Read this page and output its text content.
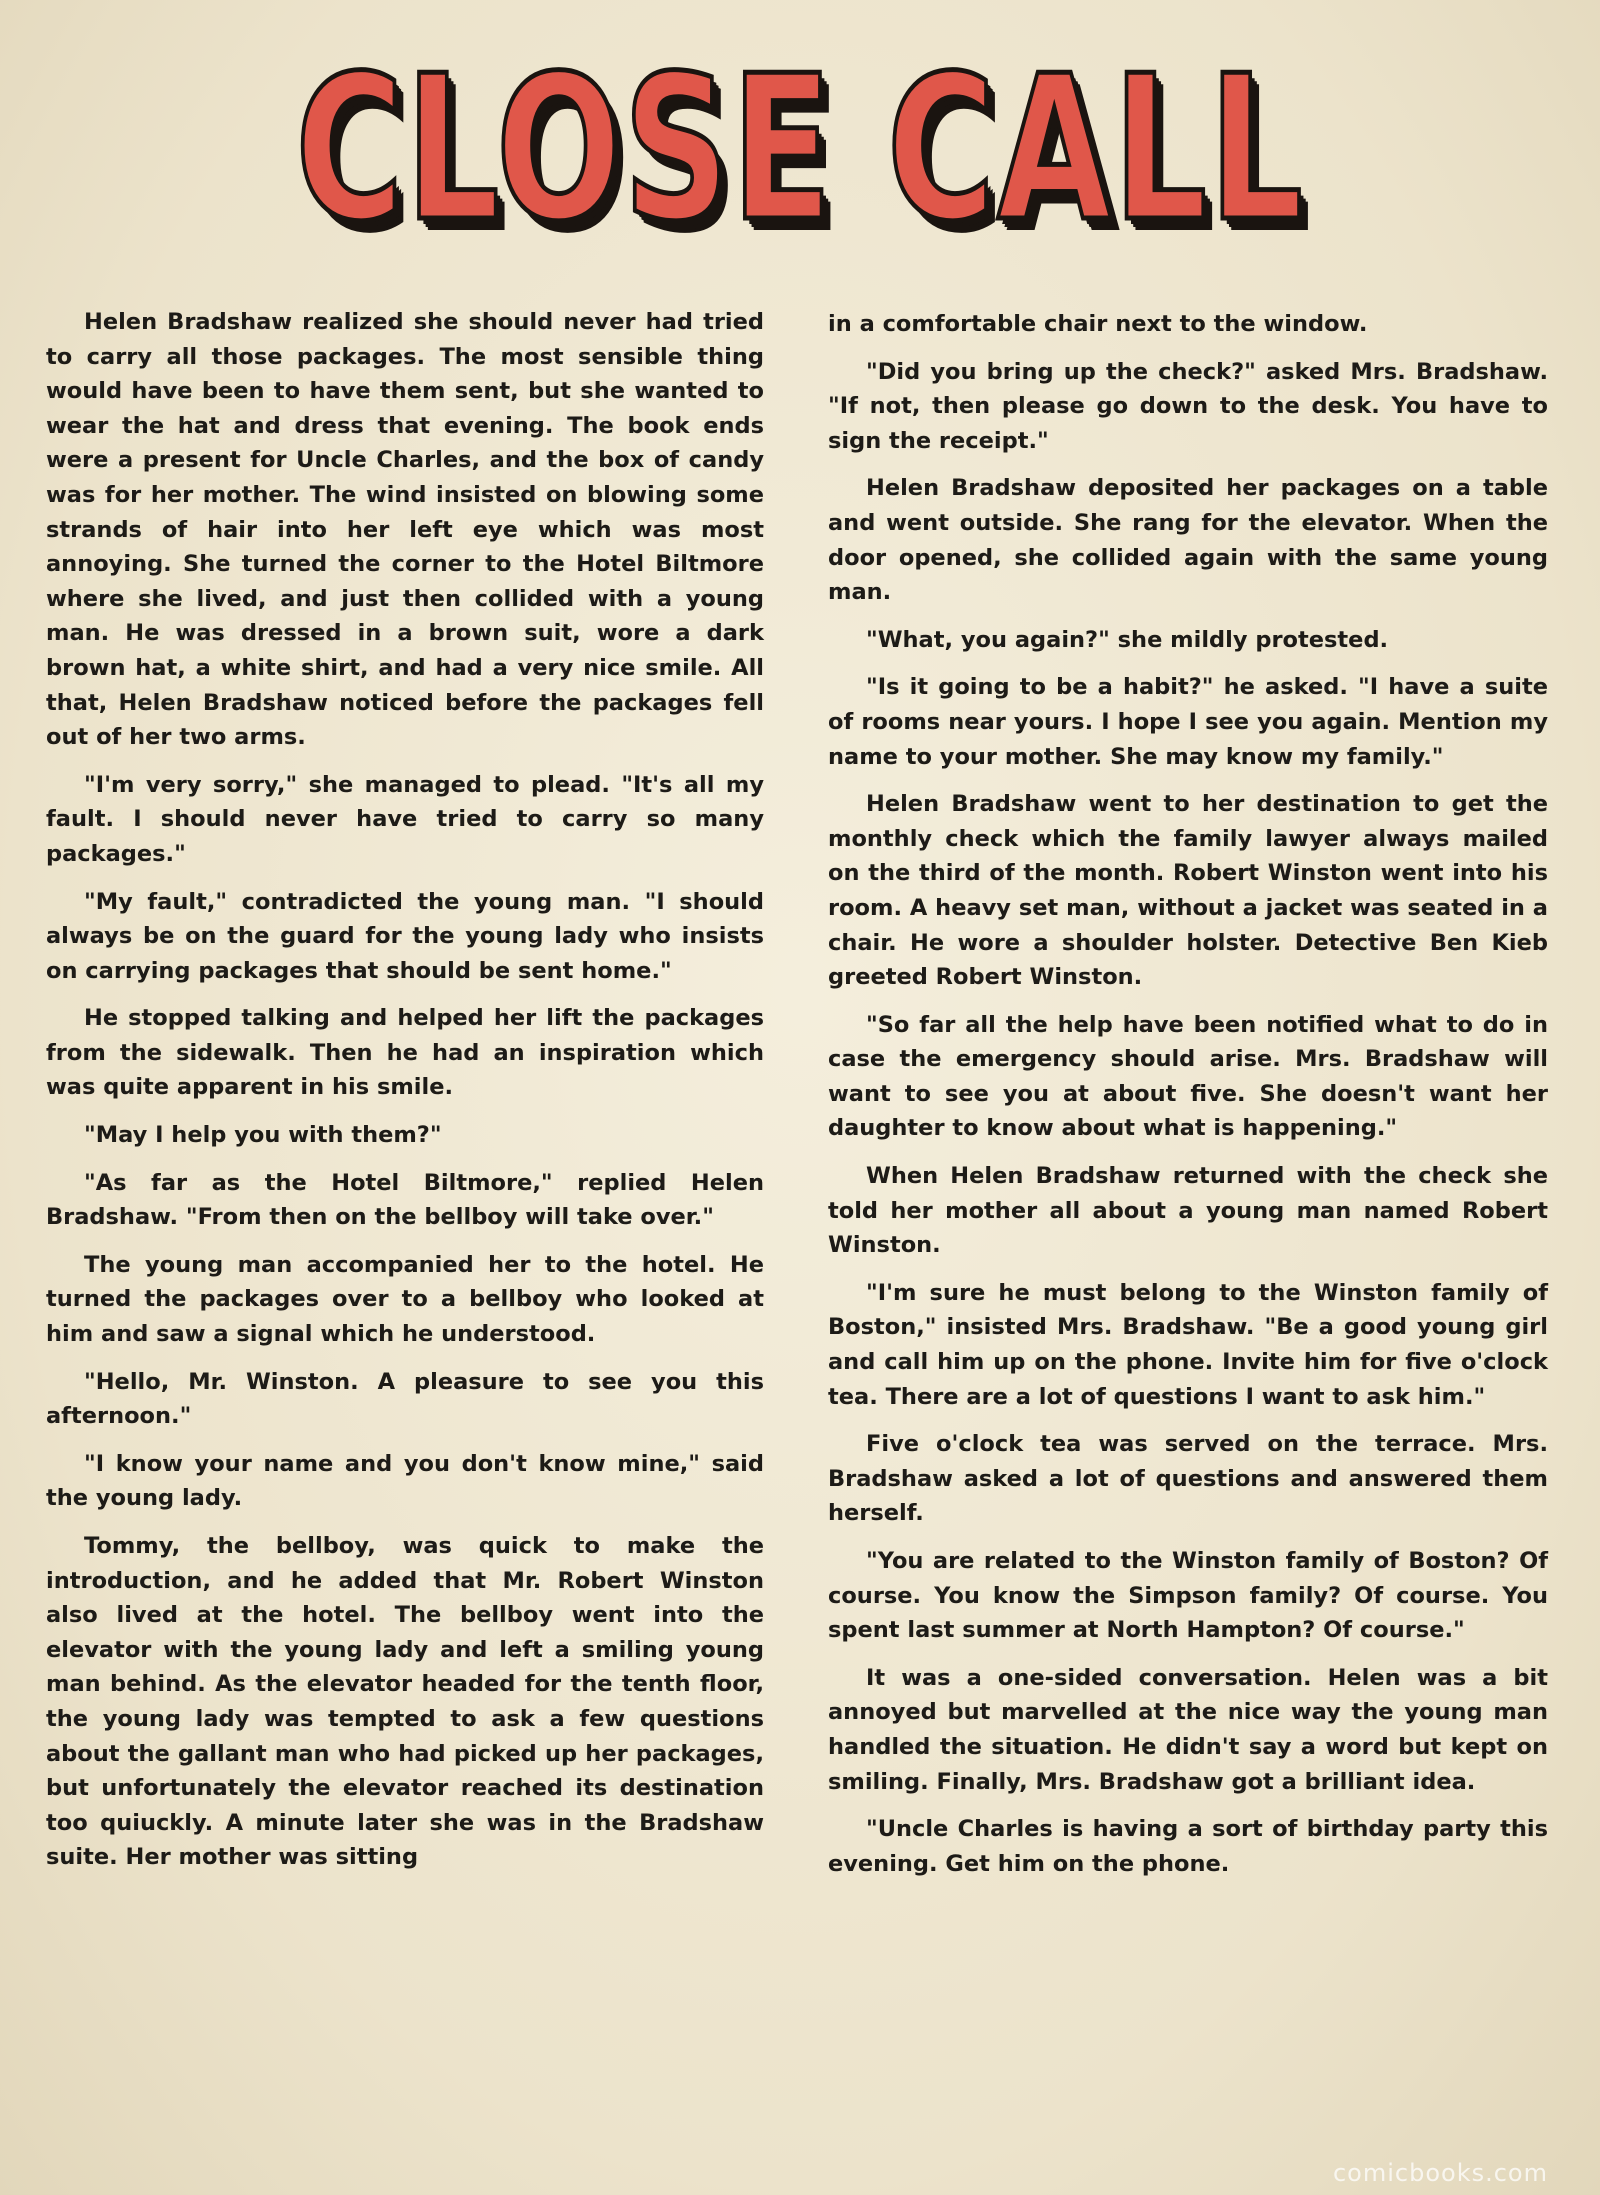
CLOSE CALL

Helen Bradshaw realized she should never had tried to carry all those packages. The most sensible thing would have been to have them sent, but she wanted to wear the hat and dress that evening. The book ends were a present for Uncle Charles, and the box of candy was for her mother. The wind insisted on blowing some strands of hair into her left eye which was most annoying. She turned the corner to the Hotel Biltmore where she lived, and just then collided with a young man. He was dressed in a brown suit, wore a dark brown hat, a white shirt, and had a very nice smile. All that, Helen Bradshaw noticed before the packages fell out of her two arms.

"I'm very sorry," she managed to plead. "It's all my fault. I should never have tried to carry so many packages."

"My fault," contradicted the young man. "I should always be on the guard for the young lady who insists on carrying packages that should be sent home."

He stopped talking and helped her lift the packages from the sidewalk. Then he had an inspiration which was quite apparent in his smile.

"May I help you with them?"

"As far as the Hotel Biltmore," replied Helen Bradshaw. "From then on the bellboy will take over."

The young man accompanied her to the hotel. He turned the packages over to a bellboy who looked at him and saw a signal which he understood.

"Hello, Mr. Winston. A pleasure to see you this afternoon."

"I know your name and you don't know mine," said the young lady.

Tommy, the bellboy, was quick to make the introduction, and he added that Mr. Robert Winston also lived at the hotel. The bellboy went into the elevator with the young lady and left a smiling young man behind. As the elevator headed for the tenth floor, the young lady was tempted to ask a few questions about the gallant man who had picked up her packages, but unfortunately the elevator reached its destination too quiuckly. A minute later she was in the Bradshaw suite. Her mother was sitting

in a comfortable chair next to the window.

"Did you bring up the check?" asked Mrs. Bradshaw. "If not, then please go down to the desk. You have to sign the receipt."

Helen Bradshaw deposited her packages on a table and went outside. She rang for the elevator. When the door opened, she collided again with the same young man.

"What, you again?" she mildly protested.

"Is it going to be a habit?" he asked. "I have a suite of rooms near yours. I hope I see you again. Mention my name to your mother. She may know my family."

Helen Bradshaw went to her destination to get the monthly check which the family lawyer always mailed on the third of the month. Robert Winston went into his room. A heavy set man, without a jacket was seated in a chair. He wore a shoulder holster. Detective Ben Kieb greeted Robert Winston.

"So far all the help have been notified what to do in case the emergency should arise. Mrs. Bradshaw will want to see you at about five. She doesn't want her daughter to know about what is happening."

When Helen Bradshaw returned with the check she told her mother all about a young man named Robert Winston.

"I'm sure he must belong to the Winston family of Boston," insisted Mrs. Bradshaw. "Be a good young girl and call him up on the phone. Invite him for five o'clock tea. There are a lot of questions I want to ask him."

Five o'clock tea was served on the terrace. Mrs. Bradshaw asked a lot of questions and answered them herself.

"You are related to the Winston family of Boston? Of course. You know the Simpson family? Of course. You spent last summer at North Hampton? Of course."

It was a one-sided conversation. Helen was a bit annoyed but marvelled at the nice way the young man handled the situation. He didn't say a word but kept on smiling. Finally, Mrs. Bradshaw got a brilliant idea.

"Uncle Charles is having a sort of birthday party this evening. Get him on the phone.

comicbooks.com
